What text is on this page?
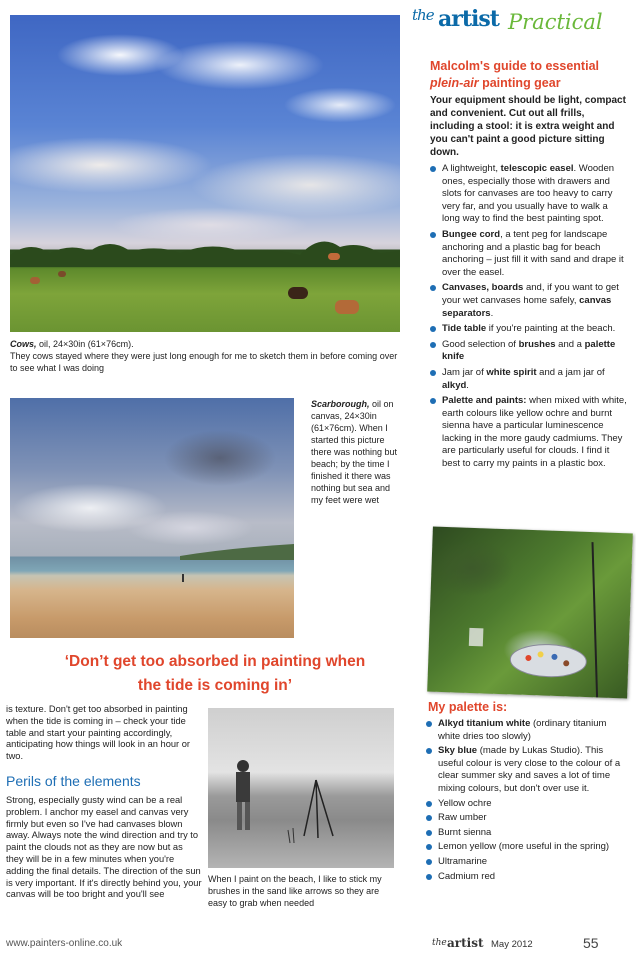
the artist Practical
Cows, oil, 24×30in (61×76cm).
They cows stayed where they were just long enough for me to sketch them in before coming over to see what I was doing
Scarborough, oil on canvas, 24×30in (61×76cm). When I started this picture there was nothing but beach; by the time I finished it there was nothing but sea and my feet were wet
‘Don’t get too absorbed in painting when
the tide is coming in’
is texture. Don't get too absorbed in painting when the tide is coming in – check your tide table and start your painting accordingly, anticipating how things will look in an hour or two.
Perils of the elements
Strong, especially gusty wind can be a real problem. I anchor my easel and canvas very firmly but even so I've had canvases blown away. Always note the wind direction and try to paint the clouds not as they are now but as they will be in a few minutes when you're adding the final details. The direction of the sun is very important. If it's directly behind you, your canvas will be too bright and you'll see
When I paint on the beach, I like to stick my brushes in the sand like arrows so they are easy to grab when needed
Malcolm's guide to essential
plein-air painting gear
Your equipment should be light, compact and convenient. Cut out all frills, including a stool: it is extra weight and you can't paint a good picture sitting down.
A lightweight, telescopic easel. Wooden ones, especially those with drawers and slots for canvases are too heavy to carry very far, and you usually have to walk a long way to find the best painting spot.
Bungee cord, a tent peg for landscape anchoring and a plastic bag for beach anchoring – just fill it with sand and drape it over the easel.
Canvases, boards and, if you want to get your wet canvases home safely, canvas separators.
Tide table if you're painting at the beach.
Good selection of brushes and a palette knife
Jam jar of white spirit and a jam jar of alkyd.
Palette and paints: when mixed with white, earth colours like yellow ochre and burnt sienna have a particular luminescence lacking in the more gaudy cadmiums. They are particularly useful for clouds. I find it best to carry my paints in a plastic box.
My palette is:
Alkyd titanium white (ordinary titanium white dries too slowly)
Sky blue (made by Lukas Studio). This useful colour is very close to the colour of a clear summer sky and saves a lot of time mixing colours, but don't over use it.
Yellow ochre
Raw umber
Burnt sienna
Lemon yellow (more useful in the spring)
Ultramarine
Cadmium red
www.painters-online.co.uk	the artist May 2012	55
